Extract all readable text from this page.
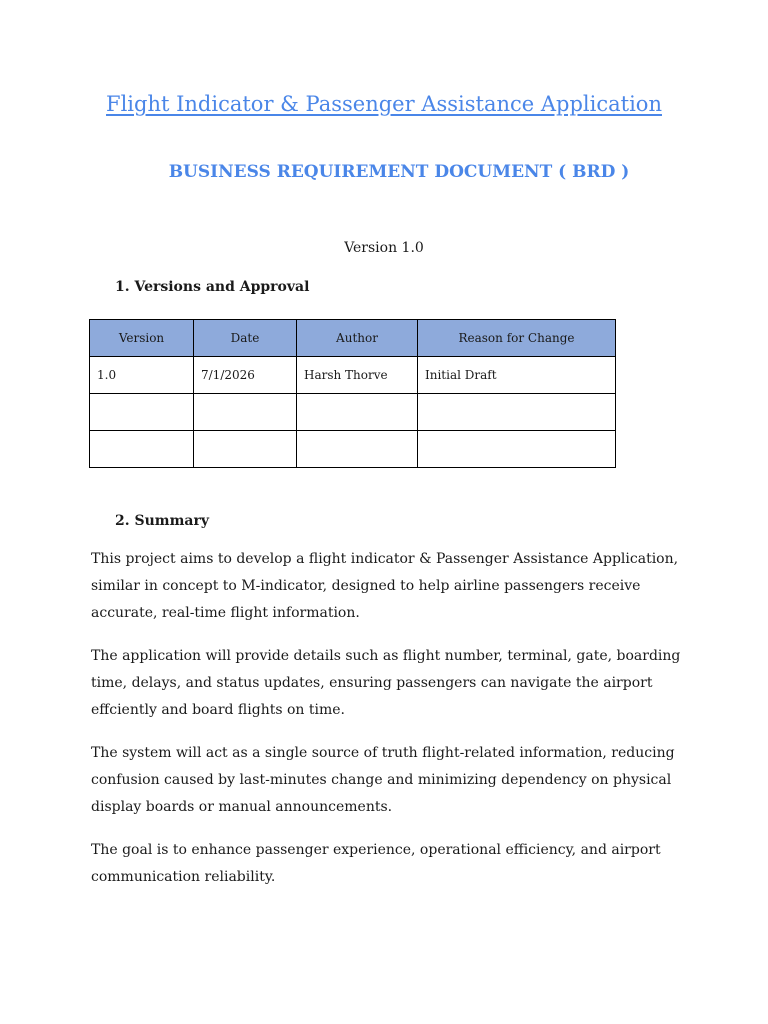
Flight Indicator & Passenger Assistance Application
BUSINESS REQUIREMENT DOCUMENT ( BRD )

Version 1.0

1. Versions and Approval
Version	Date	Author	Reason for Change
1.0	7/1/2026	Harsh Thorve	Initial Draft

2. Summary

This project aims to develop a flight indicator & Passenger Assistance Application, similar in concept to M-indicator, designed to help airline passengers receive accurate, real-time flight information.

The application will provide details such as flight number, terminal, gate, boarding time, delays, and status updates, ensuring passengers can navigate the airport effciently and board flights on time.

The system will act as a single source of truth flight-related information, reducing confusion caused by last-minutes change and minimizing dependency on physical display boards or manual announcements.

The goal is to enhance passenger experience, operational efficiency, and airport communication reliability.
